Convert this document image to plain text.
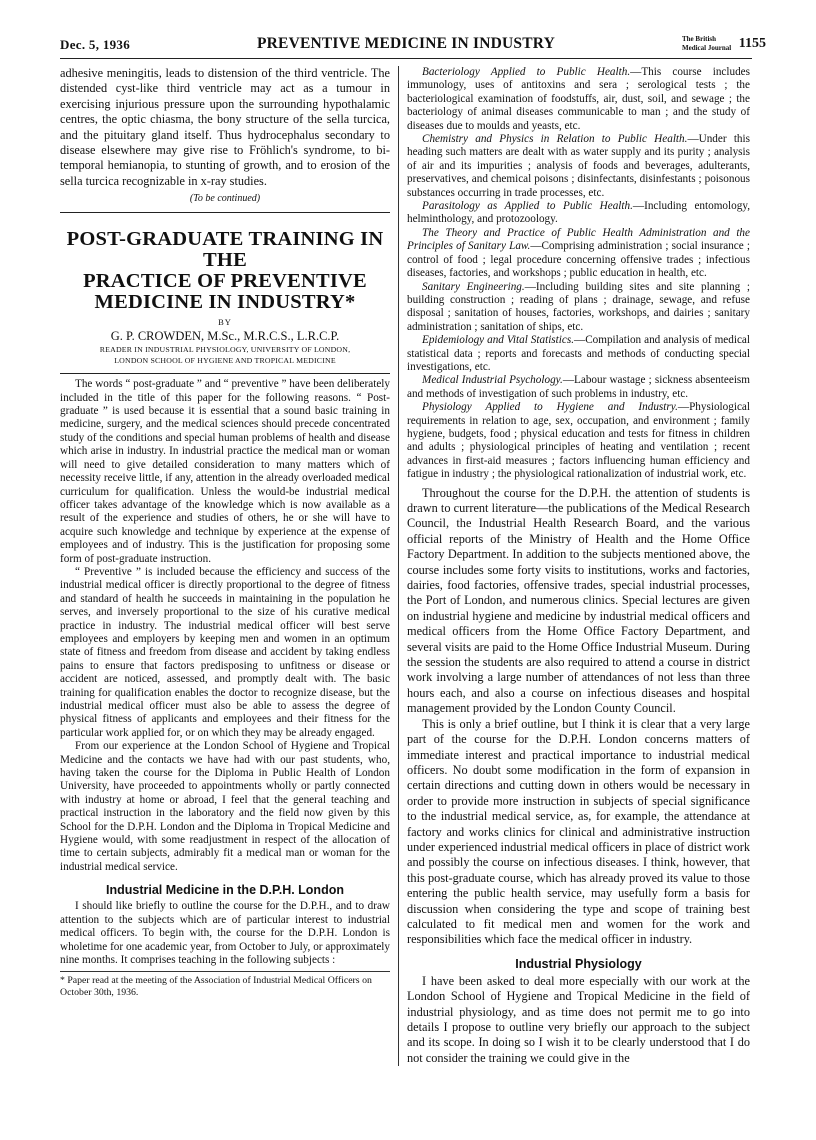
Dec. 5, 1936	PREVENTIVE MEDICINE IN INDUSTRY	The British
Medical Journal 1155

adhesive meningitis, leads to distension of the third ventricle. The distended cyst-like third ventricle may act as a tumour in exercising injurious pressure upon the surrounding hypothalamic centres, the optic chiasma, the bony structure of the sella turcica, and the pituitary gland itself. Thus hydrocephalus secondary to disease elsewhere may give rise to Fröhlich's syndrome, to bi-temporal hemianopia, to stunting of growth, and to erosion of the sella turcica recognizable in x-ray studies.

(To be continued)
POST-GRADUATE TRAINING IN THE
PRACTICE OF PREVENTIVE
MEDICINE IN INDUSTRY*
BY
G. P. CROWDEN, M.Sc., M.R.C.S., L.R.C.P.
READER IN INDUSTRIAL PHYSIOLOGY, UNIVERSITY OF LONDON,
LONDON SCHOOL OF HYGIENE AND TROPICAL MEDICINE

The words “ post-graduate ” and “ preventive ” have been deliberately included in the title of this paper for the following reasons. “ Post-graduate ” is used because it is essential that a sound basic training in medicine, surgery, and the medical sciences should precede concentrated study of the conditions and special human problems of health and disease which arise in industry. In industrial practice the medical man or woman will need to give detailed consideration to many matters which of necessity receive little, if any, attention in the already overloaded medical curriculum for qualification. Unless the would-be industrial medical officer takes advantage of the knowledge which is now available as a result of the experience and studies of others, he or she will have to acquire such knowledge and technique by experience at the expense of employees and of industry. This is the justification for proposing some form of post-graduate instruction.

“ Preventive ” is included because the efficiency and success of the industrial medical officer is directly proportional to the degree of fitness and standard of health he succeeds in maintaining in the population he serves, and inversely proportional to the size of his curative medical practice in industry. The industrial medical officer will best serve employees and employers by keeping men and women in an optimum state of fitness and freedom from disease and accident by taking endless pains to ensure that factors predisposing to unfitness or disease or accident are noticed, assessed, and promptly dealt with. The basic training for qualification enables the doctor to recognize disease, but the industrial medical officer must also be able to assess the degree of physical fitness of applicants and employees and their fitness for the particular work applied for, or on which they may be already engaged.

From our experience at the London School of Hygiene and Tropical Medicine and the contacts we have had with our past students, who, having taken the course for the Diploma in Public Health of London University, have proceeded to appointments wholly or partly connected with industry at home or abroad, I feel that the general teaching and practical instruction in the laboratory and the field now given by this School for the D.P.H. London and the Diploma in Tropical Medicine and Hygiene would, with some readjustment in respect of the allocation of time to certain subjects, admirably fit a medical man or woman for the industrial medical service.

Industrial Medicine in the D.P.H. London

I should like briefly to outline the course for the D.P.H., and to draw attention to the subjects which are of particular interest to industrial medical officers. To begin with, the course for the D.P.H. London is wholetime for one academic year, from October to July, or approximately nine months. It comprises teaching in the following subjects :

* Paper read at the meeting of the Association of Industrial Medical Officers on October 30th, 1936.

Bacteriology Applied to Public Health.—This course includes immunology, uses of antitoxins and sera ; serological tests ; the bacteriological examination of foodstuffs, air, dust, soil, and sewage ; the bacteriology of animal diseases communicable to man ; and the study of diseases due to moulds and yeasts, etc.

Chemistry and Physics in Relation to Public Health.—Under this heading such matters are dealt with as water supply and its purity ; analysis of air and its impurities ; analysis of foods and beverages, adulterants, preservatives, and chemical poisons ; disinfectants, disinfestants ; poisonous substances occurring in trade processes, etc.

Parasitology as Applied to Public Health.—Including entomology, helminthology, and protozoology.

The Theory and Practice of Public Health Administration and the Principles of Sanitary Law.—Comprising administration ; social insurance ; control of food ; legal procedure concerning offensive trades ; infectious diseases, factories, and workshops ; public education in health, etc.

Sanitary Engineering.—Including building sites and site planning ; building construction ; reading of plans ; drainage, sewage, and refuse disposal ; sanitation of houses, factories, workshops, and dairies ; sanitary administration ; sanitation of ships, etc.

Epidemiology and Vital Statistics.—Compilation and analysis of medical statistical data ; reports and forecasts and methods of conducting special investigations, etc.

Medical Industrial Psychology.—Labour wastage ; sickness absenteeism and methods of investigation of such problems in industry, etc.

Physiology Applied to Hygiene and Industry.—Physiological requirements in relation to age, sex, occupation, and environment ; family hygiene, budgets, food ; physical education and tests for fitness in children and adults ; physiological principles of heating and ventilation ; recent advances in first-aid measures ; factors influencing human efficiency and fatigue in industry ; the physiological rationalization of industrial work, etc.

Throughout the course for the D.P.H. the attention of students is drawn to current literature—the publications of the Medical Research Council, the Industrial Health Research Board, and the various official reports of the Ministry of Health and the Home Office Factory Department. In addition to the subjects mentioned above, the course includes some forty visits to institutions, works and factories, dairies, food factories, offensive trades, special industrial processes, the Port of London, and numerous clinics. Special lectures are given on industrial hygiene and medicine by industrial medical officers and medical officers from the Home Office Factory Department, and several visits are paid to the Home Office Industrial Museum. During the session the students are also required to attend a course in district work involving a large number of attendances of not less than three hours each, and also a course on infectious diseases and hospital management provided by the London County Council.

This is only a brief outline, but I think it is clear that a very large part of the course for the D.P.H. London concerns matters of immediate interest and practical importance to industrial medical officers. No doubt some modification in the form of expansion in certain directions and cutting down in others would be necessary in order to provide more instruction in subjects of special significance to the industrial medical service, as, for example, the attendance at factory and works clinics for clinical and administrative instruction under experienced industrial medical officers in place of district work and possibly the course on infectious diseases. I think, however, that this post-graduate course, which has already proved its value to those entering the public health service, may usefully form a basis for discussion when considering the type and scope of training best calculated to fit medical men and women for the work and responsibilities which face the medical officer in industry.

Industrial Physiology

I have been asked to deal more especially with our work at the London School of Hygiene and Tropical Medicine in the field of industrial physiology, and as time does not permit me to go into details I propose to outline very briefly our approach to the subject and its scope. In doing so I wish it to be clearly understood that I do not consider the training we could give in the
